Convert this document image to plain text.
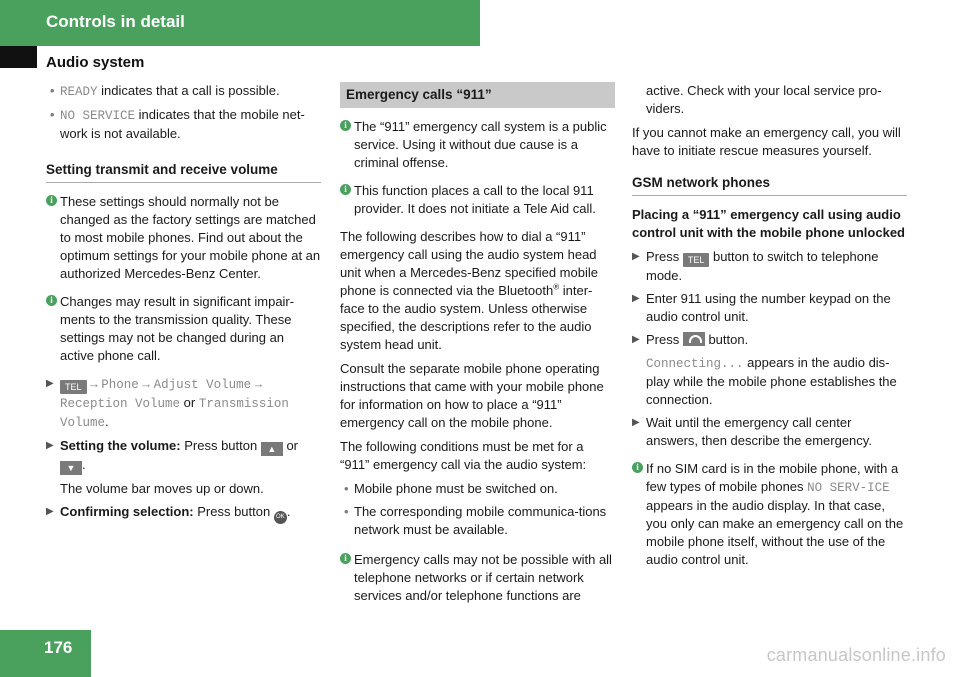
Controls in detail
Audio system
• READY indicates that a call is possible.
• NO SERVICE indicates that the mobile net-work is not available.
Setting transmit and receive volume
i These settings should normally not be changed as the factory settings are matched to most mobile phones. Find out about the optimum settings for your mobile phone at an authorized Mercedes-Benz Center.
i Changes may result in significant impair-ments to the transmission quality. These settings may not be changed during an active phone call.
▶ TEL → Phone → Adjust Volume → Reception Volume or Transmission Volume.
▶ Setting the volume: Press button ▲ or ▼ .
The volume bar moves up or down.
▶ Confirming selection: Press button OK .
Emergency calls “911”
i The “911” emergency call system is a public service. Using it without due cause is a criminal offense.
i This function places a call to the local 911 provider. It does not initiate a Tele Aid call.
The following describes how to dial a “911” emergency call using the audio system head unit when a Mercedes-Benz specified mobile phone is connected via the Bluetooth® inter-face to the audio system. Unless otherwise specified, the descriptions refer to the audio system head unit.
Consult the separate mobile phone operating instructions that came with your mobile phone for information on how to place a “911” emergency call on the mobile phone.
The following conditions must be met for a “911” emergency call via the audio system:
• Mobile phone must be switched on.
• The corresponding mobile communica-tions network must be available.
i Emergency calls may not be possible with all telephone networks or if certain network services and/or telephone functions are
active. Check with your local service pro-viders.
If you cannot make an emergency call, you will have to initiate rescue measures yourself.
GSM network phones
Placing a “911” emergency call using audio control unit with the mobile phone unlocked
▶ Press TEL button to switch to telephone mode.
▶ Enter 911 using the number keypad on the audio control unit.
▶ Press  button.
Connecting... appears in the audio dis-play while the mobile phone establishes the connection.
▶ Wait until the emergency call center answers, then describe the emergency.
i If no SIM card is in the mobile phone, with a few types of mobile phones NO SERV-ICE appears in the audio display. In that case, you only can make an emergency call on the mobile phone itself, without the use of the audio control unit.
176	carmanualsonline.info
